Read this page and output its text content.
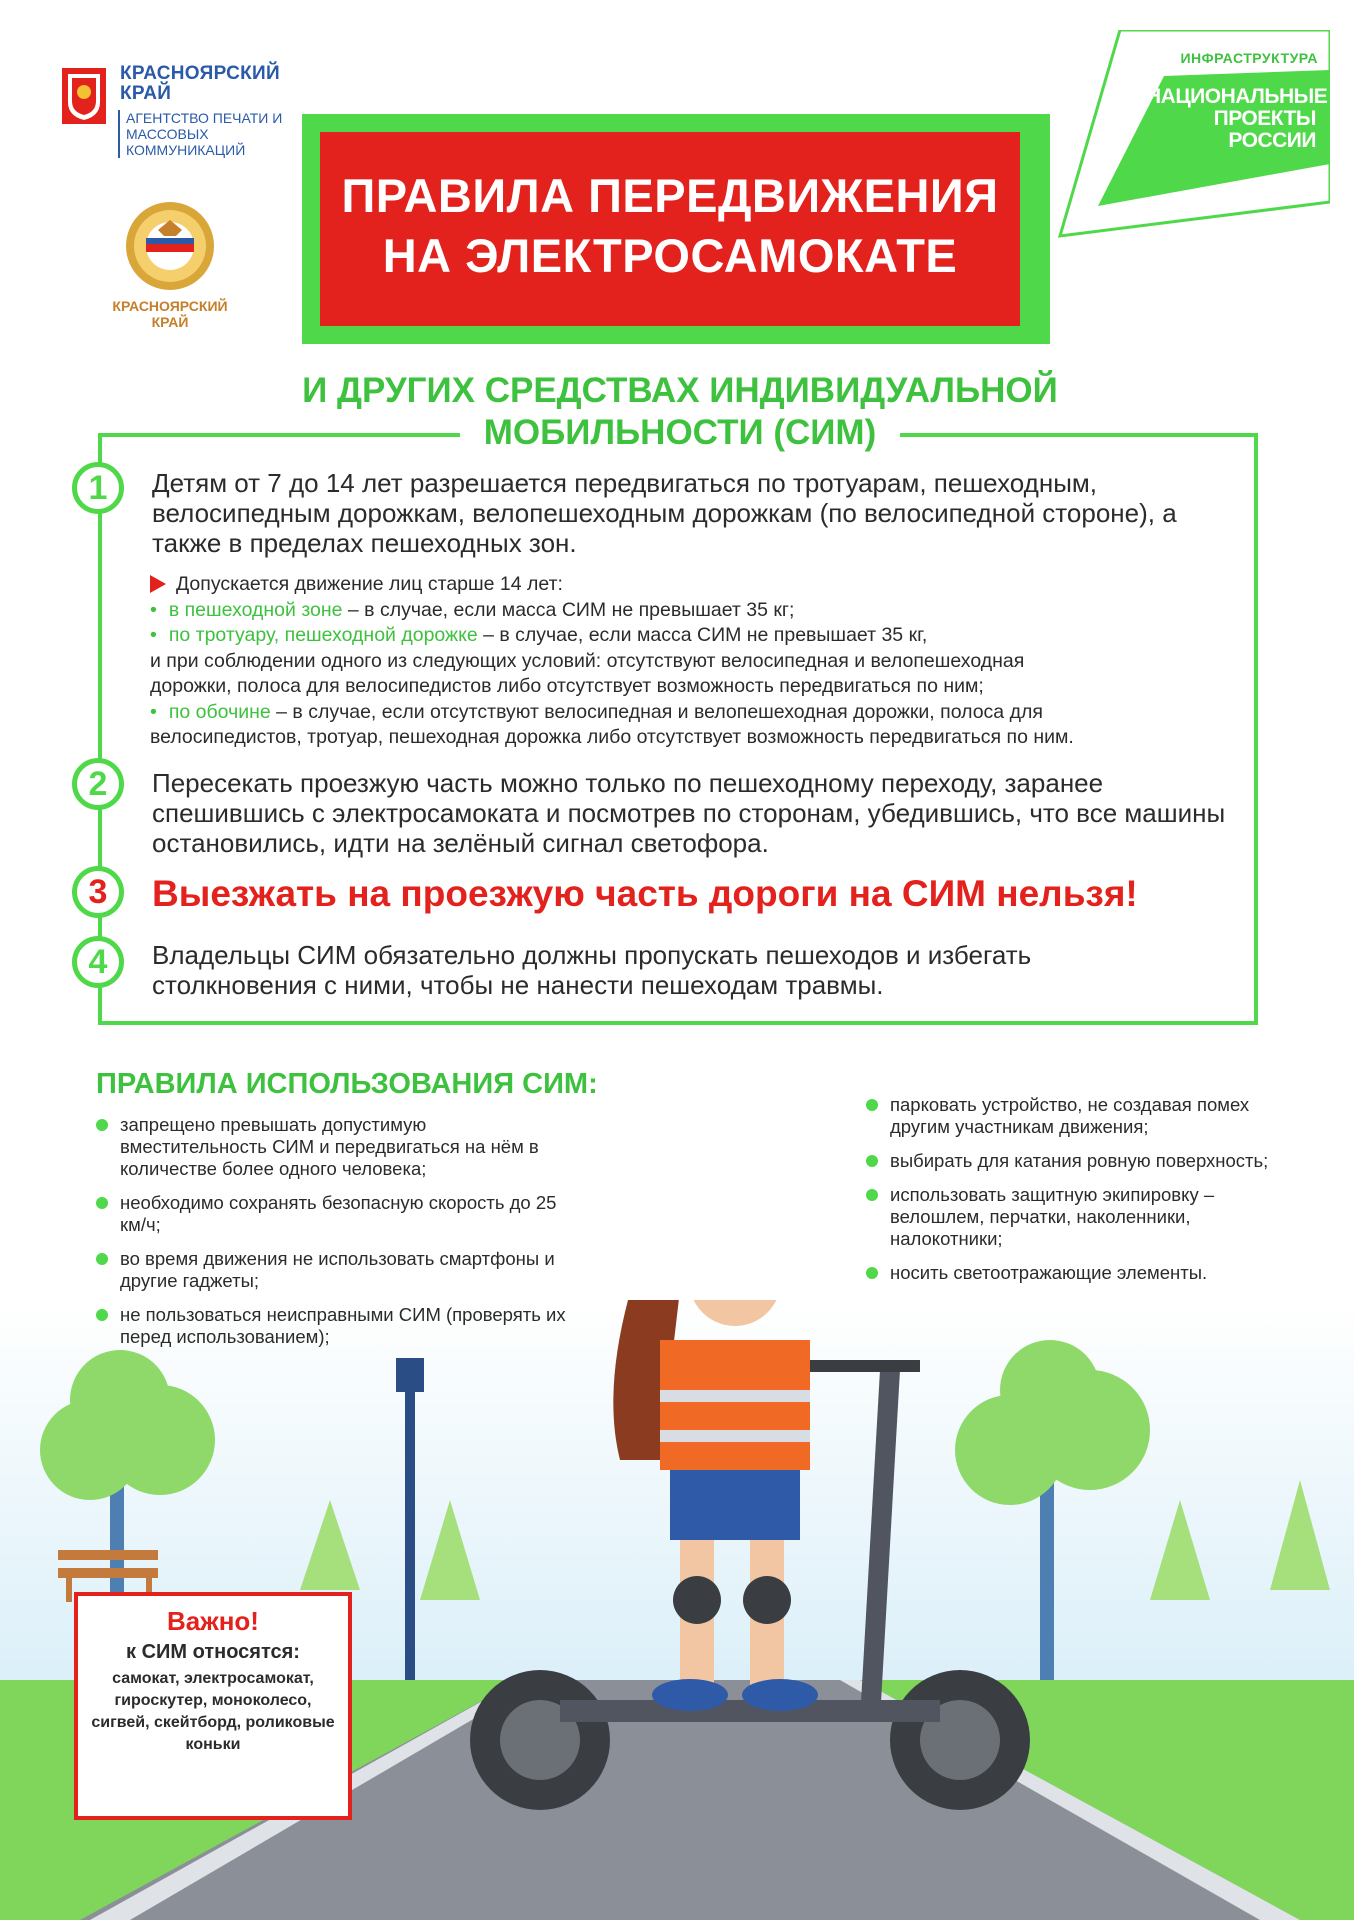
КРАСНОЯРСКИЙ КРАЙ

АГЕНТСТВО ПЕЧАТИ И МАССОВЫХ КОММУНИКАЦИЙ

КРАСНОЯРСКИЙ КРАЙ
ИНФРАСТРУКТУРА
НАЦИОНАЛЬНЫЕ ПРОЕКТЫ РОССИИ

ПРАВИЛА ПЕРЕДВИЖЕНИЯ
НА ЭЛЕКТРОСАМОКАТЕ

И ДРУГИХ СРЕДСТВАХ ИНДИВИДУАЛЬНОЙ
МОБИЛЬНОСТИ (СИМ)

1	Детям от 7 до 14 лет разрешается передвигаться по тротуарам, пешеходным, велосипедным дорожкам, велопешеходным дорожкам (по велосипедной стороне), а также в пределах пешеходных зон.

Допускается движение лиц старше 14 лет:
• в пешеходной зоне – в случае, если масса СИМ не превышает 35 кг;
• по тротуару, пешеходной дорожке – в случае, если масса СИМ не превышает 35 кг,
и при соблюдении одного из следующих условий: отсутствуют велосипедная и велопешеходная
дорожки, полоса для велосипедистов либо отсутствует возможность передвигаться по ним;
• по обочине – в случае, если отсутствуют велосипедная и велопешеходная дорожки, полоса для
велосипедистов, тротуар, пешеходная дорожка либо отсутствует возможность передвигаться по ним.
2	Пересекать проезжую часть можно только по пешеходному переходу, заранее спешившись с электросамоката и посмотрев по сторонам, убедившись, что все машины остановились, идти на зелёный сигнал светофора.

3	Выезжать на проезжую часть дороги на СИМ нельзя!

4	Владельцы СИМ обязательно должны пропускать пешеходов и избегать столкновения с ними, чтобы не нанести пешеходам травмы.

ПРАВИЛА ИСПОЛЬЗОВАНИЯ СИМ:

запрещено превышать допустимую вместительность СИМ и передвигаться на нём в количестве более одного человека;
необходимо сохранять безопасную скорость до 25 км/ч;
во время движения не использовать смартфоны и другие гаджеты;
не пользоваться неисправными СИМ (проверять их перед использованием);
парковать устройство, не создавая помех другим участникам движения;
выбирать для катания ровную поверхность;
использовать защитную экипировку – велошлем, перчатки, наколенники, налокотники;
носить светоотражающие элементы.

Важно!

к СИМ относятся:

самокат, электросамокат, гироскутер, моноколесо, сигвей, скейтборд, роликовые коньки
